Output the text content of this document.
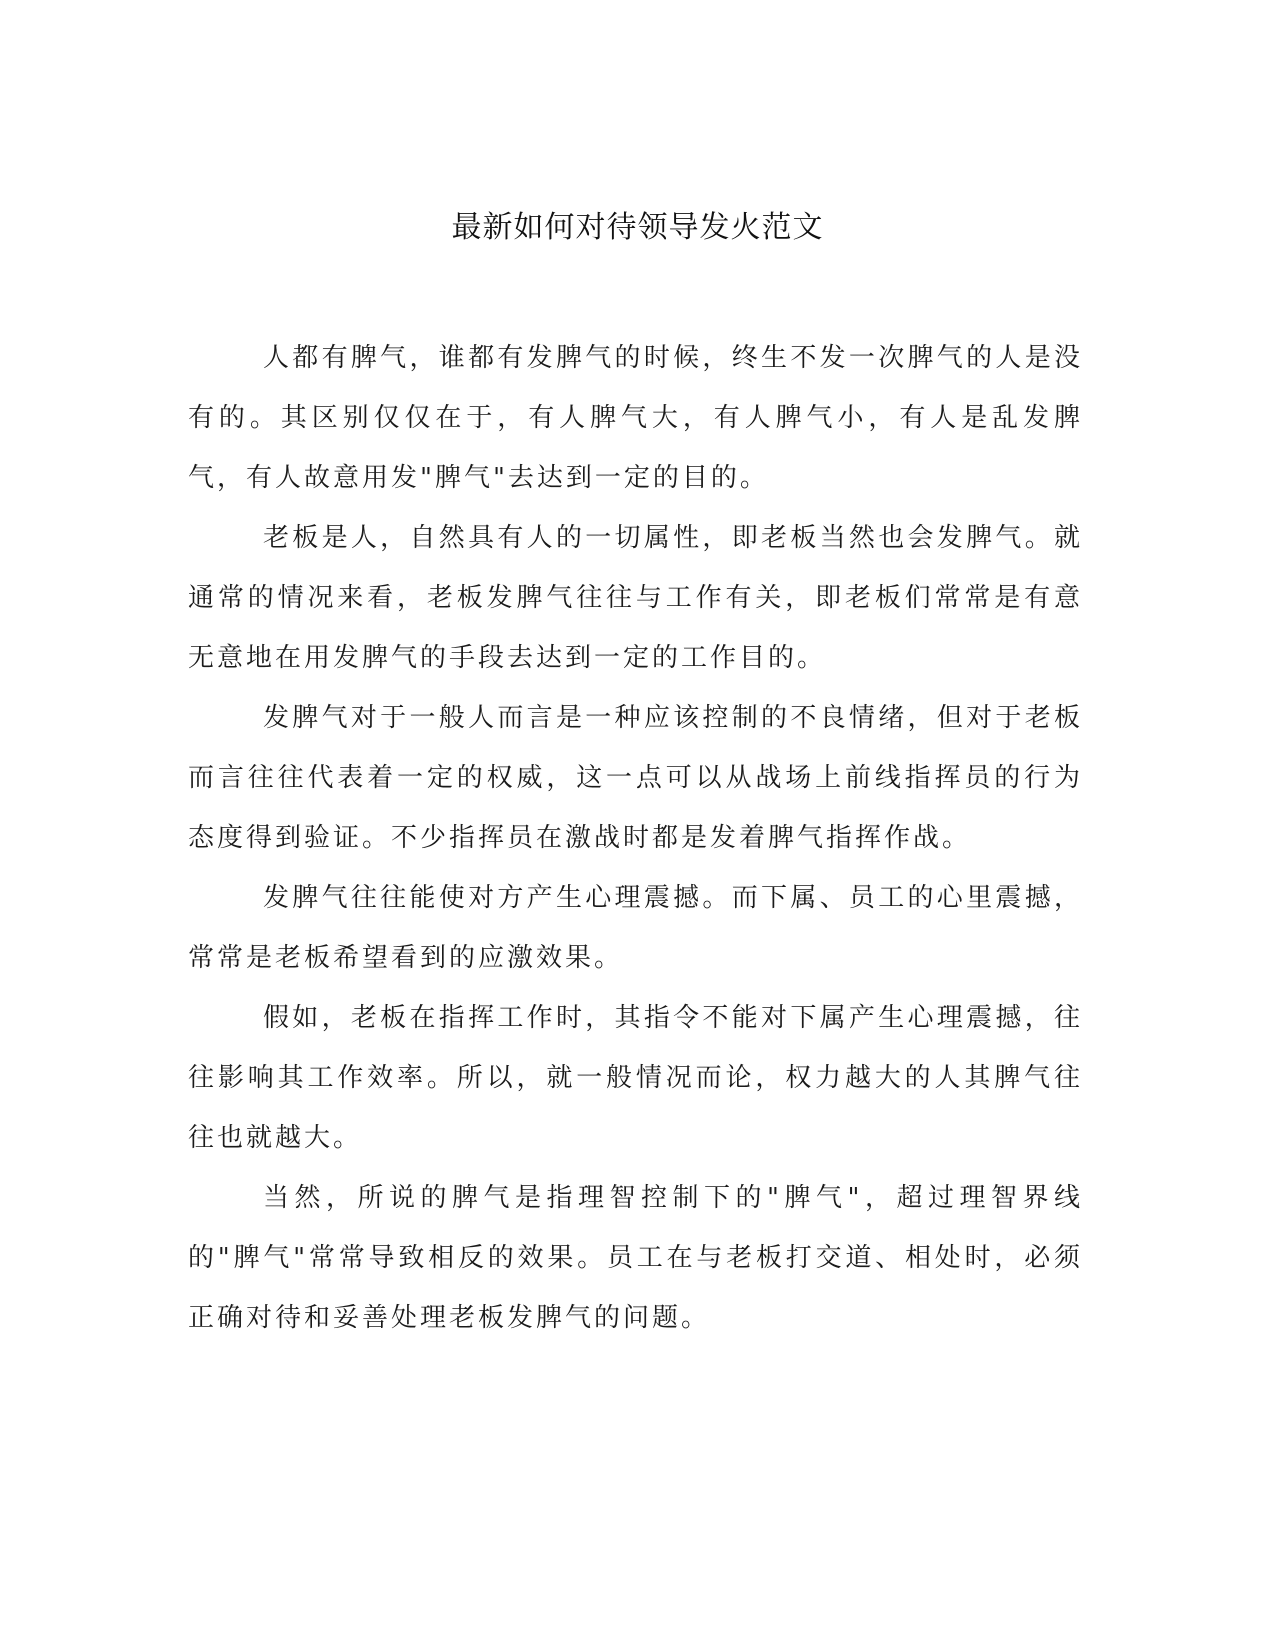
最新如何对待领导发火范文

人都有脾气，谁都有发脾气的时候，终生不发一次脾气的人是没有的。其区别仅仅在于，有人脾气大，有人脾气小，有人是乱发脾气，有人故意用发"脾气"去达到一定的目的。

老板是人，自然具有人的一切属性，即老板当然也会发脾气。就通常的情况来看，老板发脾气往往与工作有关，即老板们常常是有意无意地在用发脾气的手段去达到一定的工作目的。

发脾气对于一般人而言是一种应该控制的不良情绪，但对于老板而言往往代表着一定的权威，这一点可以从战场上前线指挥员的行为态度得到验证。不少指挥员在激战时都是发着脾气指挥作战。

发脾气往往能使对方产生心理震撼。而下属、员工的心里震撼，常常是老板希望看到的应激效果。

假如，老板在指挥工作时，其指令不能对下属产生心理震撼，往往影响其工作效率。所以，就一般情况而论，权力越大的人其脾气往往也就越大。

当然，所说的脾气是指理智控制下的"脾气"，超过理智界线的"脾气"常常导致相反的效果。员工在与老板打交道、相处时，必须正确对待和妥善处理老板发脾气的问题。
